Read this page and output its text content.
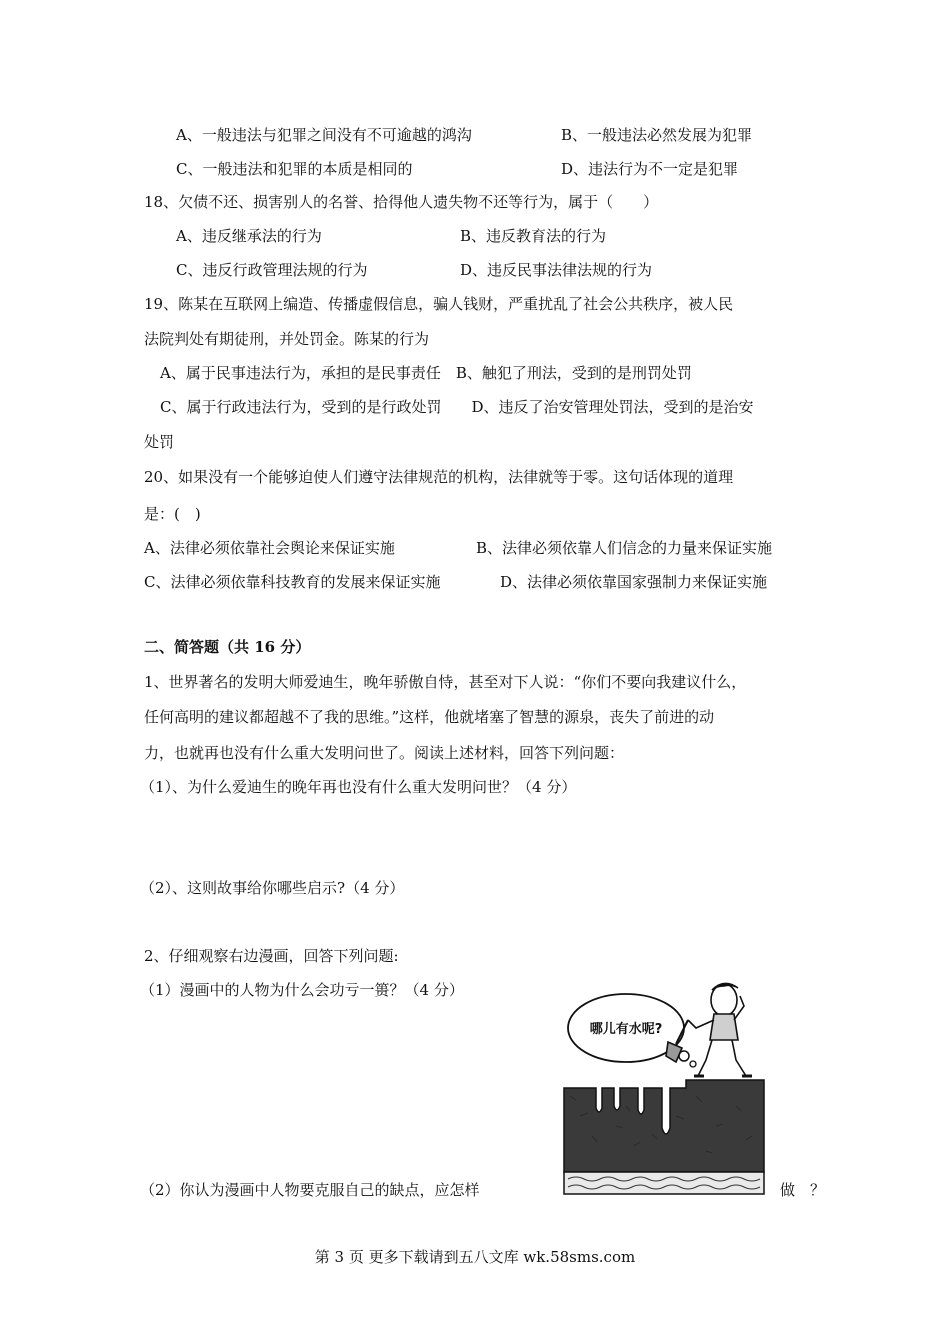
A、一般违法与犯罪之间没有不可逾越的鸿沟	B、一般违法必然发展为犯罪
C、一般违法和犯罪的本质是相同的	D、违法行为不一定是犯罪
18、欠债不还、损害别人的名誉、拾得他人遗失物不还等行为，属于（　　）
A、违反继承法的行为	B、违反教育法的行为
C、违反行政管理法规的行为	D、违反民事法律法规的行为
19、陈某在互联网上编造、传播虚假信息，骗人钱财，严重扰乱了社会公共秩序，被人民
法院判处有期徒刑，并处罚金。陈某的行为
A、属于民事违法行为，承担的是民事责任　B、触犯了刑法，受到的是刑罚处罚
C、属于行政违法行为，受到的是行政处罚　　D、违反了治安管理处罚法，受到的是治安
处罚
20、如果没有一个能够迫使人们遵守法律规范的机构，法律就等于零。这句话体现的道理
是：(　)
A、法律必须依靠社会舆论来保证实施	B、法律必须依靠人们信念的力量来保证实施
C、法律必须依靠科技教育的发展来保证实施	D、法律必须依靠国家强制力来保证实施
二、简答题（共 16 分）
1、世界著名的发明大师爱迪生，晚年骄傲自恃，甚至对下人说：“你们不要向我建议什么，
任何高明的建议都超越不了我的思维。”这样，他就堵塞了智慧的源泉，丧失了前进的动
力，也就再也没有什么重大发明问世了。阅读上述材料，回答下列问题：
（1）、为什么爱迪生的晚年再也没有什么重大发明问世？（4 分）
（2）、这则故事给你哪些启示?（4 分）
2、仔细观察右边漫画，回答下列问题:
（1）漫画中的人物为什么会功亏一篑？（4 分）
（2）你认为漫画中人物要克服自己的缺点，应怎样	做　？
哪儿有水呢?
第 3 页 更多下载请到五八文库 wk.58sms.com
